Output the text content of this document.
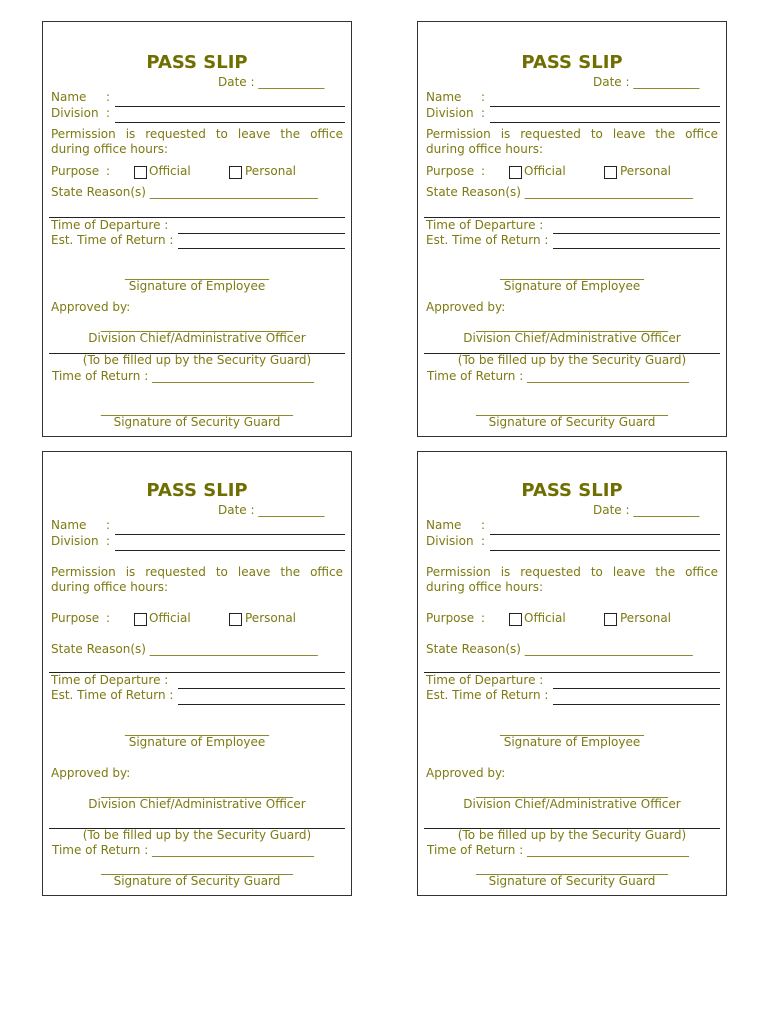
PASS SLIP
Date : ___________
Name :
Division :
Permission is requested to leave the office during office hours:
Purpose :	Official	Personal
State Reason(s) ____________________________
Time of Departure :
Est. Time of Return :
________________________
Signature of Employee
Approved by:
________________________________
Division Chief/Administrative Officer
(To be filled up by the Security Guard)
Time of Return : ___________________________
________________________________
Signature of Security Guard
PASS SLIP
Date : ___________
Name :
Division :
Permission is requested to leave the office during office hours:
Purpose :	Official	Personal
State Reason(s) ____________________________
Time of Departure :
Est. Time of Return :
________________________
Signature of Employee
Approved by:
________________________________
Division Chief/Administrative Officer
(To be filled up by the Security Guard)
Time of Return : ___________________________
________________________________
Signature of Security Guard
PASS SLIP
Date : ___________
Name :
Division :
Permission is requested to leave the office during office hours:
Purpose :	Official	Personal
State Reason(s) ____________________________
Time of Departure :
Est. Time of Return :
________________________
Signature of Employee
Approved by:
________________________________
Division Chief/Administrative Officer
(To be filled up by the Security Guard)
Time of Return : ___________________________
________________________________
Signature of Security Guard
PASS SLIP
Date : ___________
Name :
Division :
Permission is requested to leave the office during office hours:
Purpose :	Official	Personal
State Reason(s) ____________________________
Time of Departure :
Est. Time of Return :
________________________
Signature of Employee
Approved by:
________________________________
Division Chief/Administrative Officer
(To be filled up by the Security Guard)
Time of Return : ___________________________
________________________________
Signature of Security Guard
